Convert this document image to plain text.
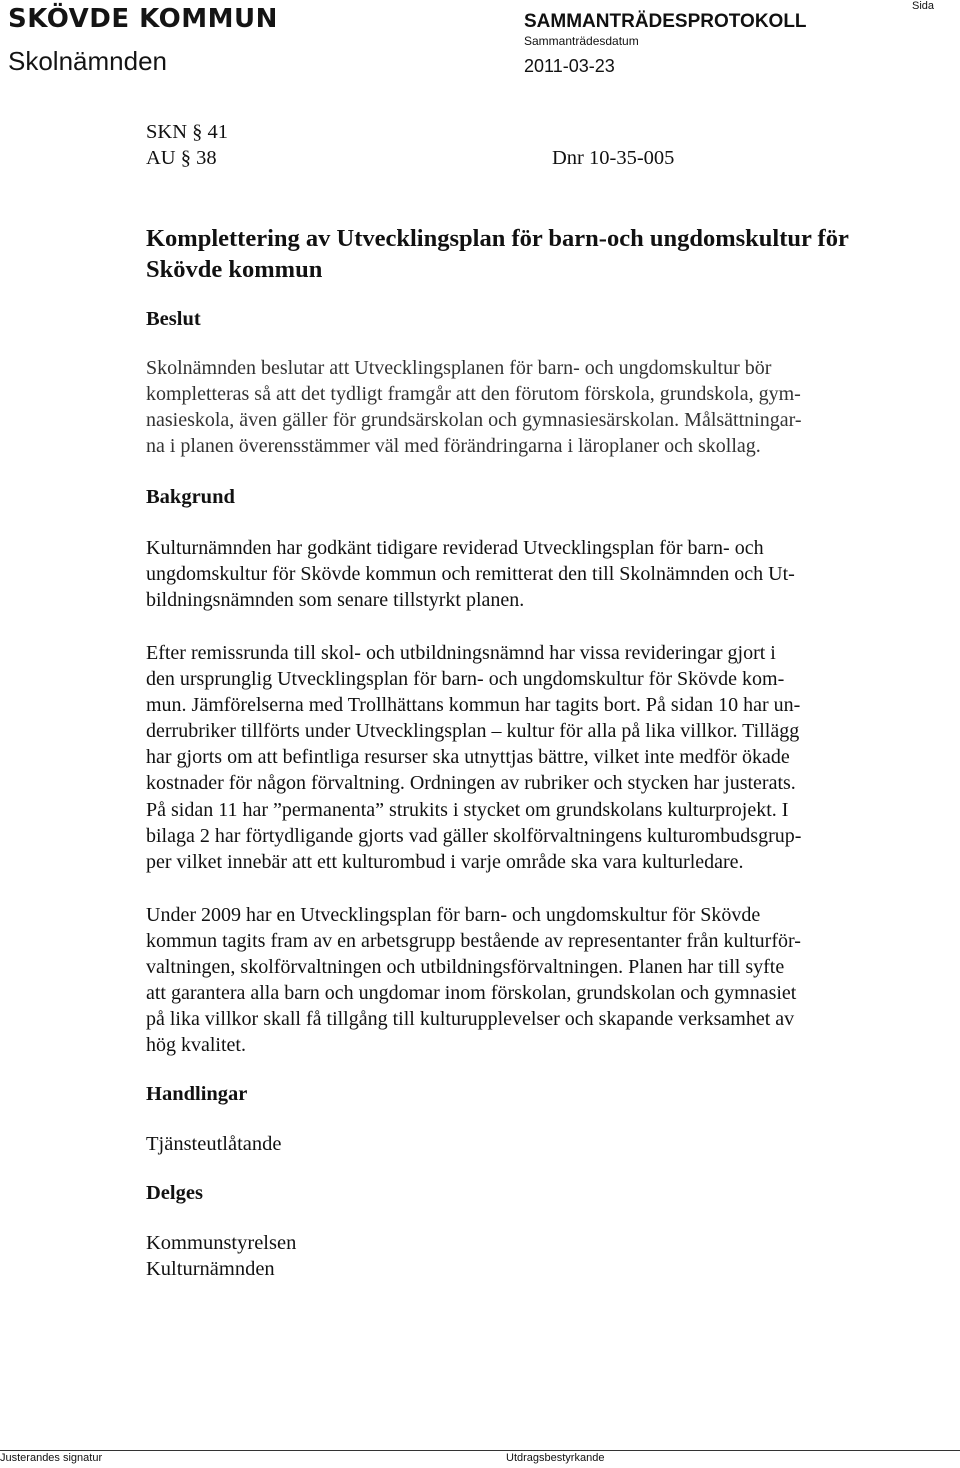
SKÖVDE KOMMUN
Skolnämnden
SAMMANTRÄDESPROTOKOLL
Sammanträdesdatum
2011-03-23
Sida
SKN § 41
AU § 38	Dnr 10-35-005
Komplettering av Utvecklingsplan för barn-och ungdomskultur för Skövde kommun
Beslut
Skolnämnden beslutar att Utvecklingsplanen för barn- och ungdomskultur bör
kompletteras så att det tydligt framgår att den förutom förskola, grundskola, gym-
nasieskola, även gäller för grundsärskolan och gymnasiesärskolan. Målsättningar-
na i planen överensstämmer väl med förändringarna i läroplaner och skollag.
Bakgrund
Kulturnämnden har godkänt tidigare reviderad Utvecklingsplan för barn- och
ungdomskultur för Skövde kommun och remitterat den till Skolnämnden och Ut-
bildningsnämnden som senare tillstyrkt planen.
Efter remissrunda till skol- och utbildningsnämnd har vissa revideringar gjort i
den ursprunglig Utvecklingsplan för barn- och ungdomskultur för Skövde kom-
mun. Jämförelserna med Trollhättans kommun har tagits bort. På sidan 10 har un-
derrubriker tillförts under Utvecklingsplan – kultur för alla på lika villkor. Tillägg
har gjorts om att befintliga resurser ska utnyttjas bättre, vilket inte medför ökade
kostnader för någon förvaltning. Ordningen av rubriker och stycken har justerats.
På sidan 11 har ”permanenta” strukits i stycket om grundskolans kulturprojekt. I
bilaga 2 har förtydligande gjorts vad gäller skolförvaltningens kulturombudsgrup-
per vilket innebär att ett kulturombud i varje område ska vara kulturledare.
Under 2009 har en Utvecklingsplan för barn- och ungdomskultur för Skövde
kommun tagits fram av en arbetsgrupp bestående av representanter från kulturför-
valtningen, skolförvaltningen och utbildningsförvaltningen. Planen har till syfte
att garantera alla barn och ungdomar inom förskolan, grundskolan och gymnasiet
på lika villkor skall få tillgång till kulturupplevelser och skapande verksamhet av
hög kvalitet.
Handlingar
Tjänsteutlåtande
Delges
Kommunstyrelsen
Kulturnämnden
Justerandes signatur	Utdragsbestyrkande
